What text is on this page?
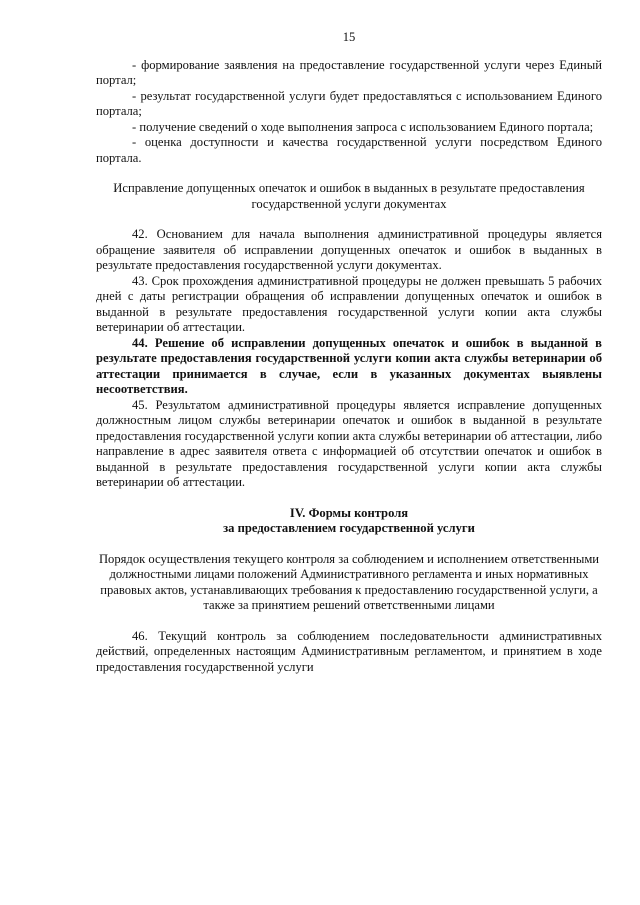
15

- формирование заявления на предоставление государственной услуги через Единый портал;

- результат государственной услуги будет предоставляться с использованием Единого портала;

- получение сведений о ходе выполнения запроса с использованием Единого портала;

- оценка доступности и качества государственной услуги посредством Единого портала.

Исправление допущенных опечаток и ошибок в выданных в результате предоставления государственной услуги документах

42. Основанием для начала выполнения административной процедуры является обращение заявителя об исправлении допущенных опечаток и ошибок в выданных в результате предоставления государственной услуги документах.

43. Срок прохождения административной процедуры не должен превышать 5 рабочих дней с даты регистрации обращения об исправлении допущенных опечаток и ошибок в выданной в результате предоставления государственной услуги копии акта службы ветеринарии об аттестации.

44. Решение об исправлении допущенных опечаток и ошибок в выданной в результате предоставления государственной услуги копии акта службы ветеринарии об аттестации принимается в случае, если в указанных документах выявлены несоответствия.

45. Результатом административной процедуры является исправление допущенных должностным лицом службы ветеринарии опечаток и ошибок в выданной в результате предоставления государственной услуги копии акта службы ветеринарии об аттестации, либо направление в адрес заявителя ответа с информацией об отсутствии опечаток и ошибок в выданной в результате предоставления государственной услуги копии акта службы ветеринарии об аттестации.

IV. Формы контроля

за предоставлением государственной услуги

Порядок осуществления текущего контроля за соблюдением и исполнением ответственными должностными лицами положений Административного регламента и иных нормативных правовых актов, устанавливающих требования к предоставлению государственной услуги, а также за принятием решений ответственными лицами

46. Текущий контроль за соблюдением последовательности административных действий, определенных настоящим Административным регламентом, и принятием в ходе предоставления государственной услуги
